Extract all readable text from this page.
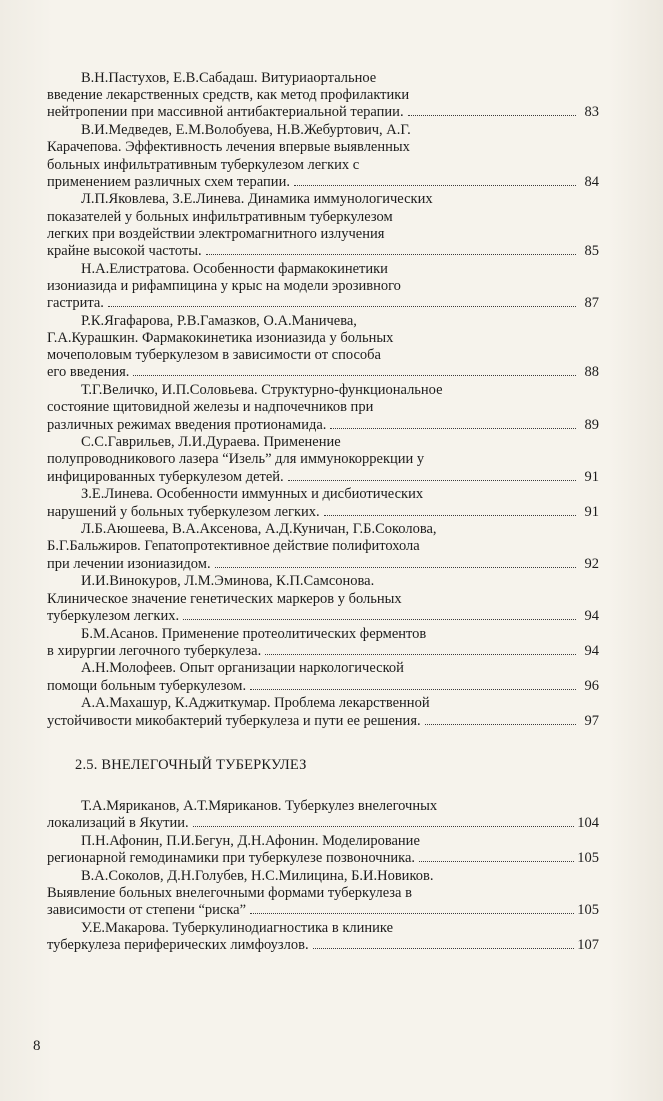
В.Н.Пастухов, Е.В.Сабадаш. Витуриаортальное
введение лекарственных средств, как метод профилактики
нейтропении при массивной антибактериальной терапии.	83
В.И.Медведев, Е.М.Волобуева, Н.В.Жебуртович, А.Г.
Карачепова. Эффективность лечения впервые выявленных
больных инфильтративным туберкулезом легких с
применением различных схем терапии.	84
Л.П.Яковлева, З.Е.Линева. Динамика иммунологических
показателей у больных инфильтративным туберкулезом
легких при воздействии электромагнитного излучения
крайне высокой частоты.	85
Н.А.Елистратова. Особенности фармакокинетики
изониазида и рифампицина у крыс на модели эрозивного
гастрита.	87
Р.К.Ягафарова, Р.В.Гамазков, О.А.Маничева,
Г.А.Курашкин. Фармакокинетика изониазида у больных
мочеполовым туберкулезом в зависимости от способа
его введения.	88
Т.Г.Величко, И.П.Соловьева. Структурно-функциональное
состояние щитовидной железы и надпочечников при
различных режимах введения протионамида.	89
С.С.Гаврильев, Л.И.Дураева. Применение
полупроводникового лазера “Изель” для иммунокоррекции у
инфицированных туберкулезом детей.	91
З.Е.Линева. Особенности иммунных и дисбиотических
нарушений у больных туберкулезом легких.	91
Л.Б.Аюшеева, В.А.Аксенова, А.Д.Куничан, Г.Б.Соколова,
Б.Г.Бальжиров. Гепатопротективное действие полифитохола
при лечении изониазидом.	92
И.И.Винокуров, Л.М.Эминова, К.П.Самсонова.
Клиническое значение генетических маркеров у больных
туберкулезом легких.	94
Б.М.Асанов. Применение протеолитических ферментов
в хирургии легочного туберкулеза.	94
А.Н.Молофеев. Опыт организации наркологической
помощи больным туберкулезом.	96
А.А.Махашур, К.Аджиткумар. Проблема лекарственной
устойчивости микобактерий туберкулеза и пути ее решения.	97
2.5. ВНЕЛЕГОЧНЫЙ ТУБЕРКУЛЕЗ
Т.А.Мяриканов, А.Т.Мяриканов. Туберкулез внелегочных
локализаций в Якутии.	104
П.Н.Афонин, П.И.Бегун, Д.Н.Афонин. Моделирование
регионарной гемодинамики при туберкулезе позвоночника.	105
В.А.Соколов, Д.Н.Голубев, Н.С.Милицина, Б.И.Новиков.
Выявление больных внелегочными формами туберкулеза в
зависимости от степени “риска”	105
У.Е.Макарова. Туберкулинодиагностика в клинике
туберкулеза периферических лимфоузлов.	107
8
